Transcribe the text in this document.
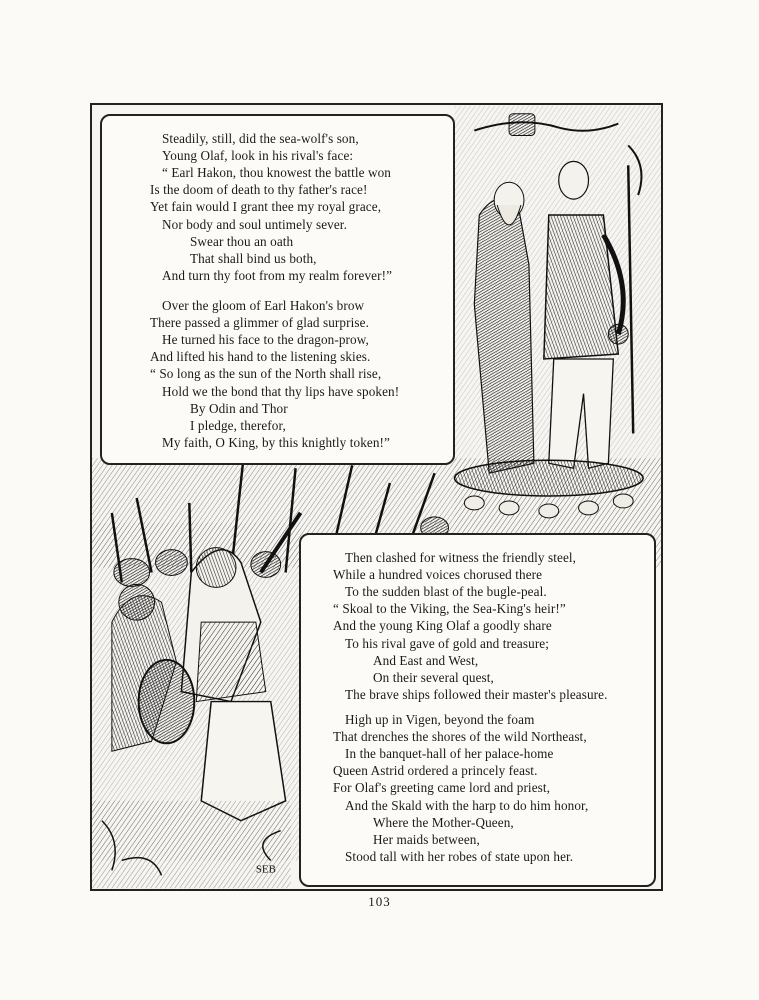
SEB
Steadily, still, did the sea-wolf's son,
Young Olaf, look in his rival's face:
“ Earl Hakon, thou knowest the battle won
Is the doom of death to thy father's race!
Yet fain would I grant thee my royal grace,
Nor body and soul untimely sever.
Swear thou an oath
That shall bind us both,
And turn thy foot from my realm forever!”
Over the gloom of Earl Hakon's brow
There passed a glimmer of glad surprise.
He turned his face to the dragon-prow,
And lifted his hand to the listening skies.
“ So long as the sun of the North shall rise,
Hold we the bond that thy lips have spoken!
By Odin and Thor
I pledge, therefor,
My faith, O King, by this knightly token!”
Then clashed for witness the friendly steel,
While a hundred voices chorused there
To the sudden blast of the bugle-peal.
“ Skoal to the Viking, the Sea-King's heir!”
And the young King Olaf a goodly share
To his rival gave of gold and treasure;
And East and West,
On their several quest,
The brave ships followed their master's pleasure.
High up in Vigen, beyond the foam
That drenches the shores of the wild Northeast,
In the banquet-hall of her palace-home
Queen Astrid ordered a princely feast.
For Olaf's greeting came lord and priest,
And the Skald with the harp to do him honor,
Where the Mother-Queen,
Her maids between,
Stood tall with her robes of state upon her.
103
